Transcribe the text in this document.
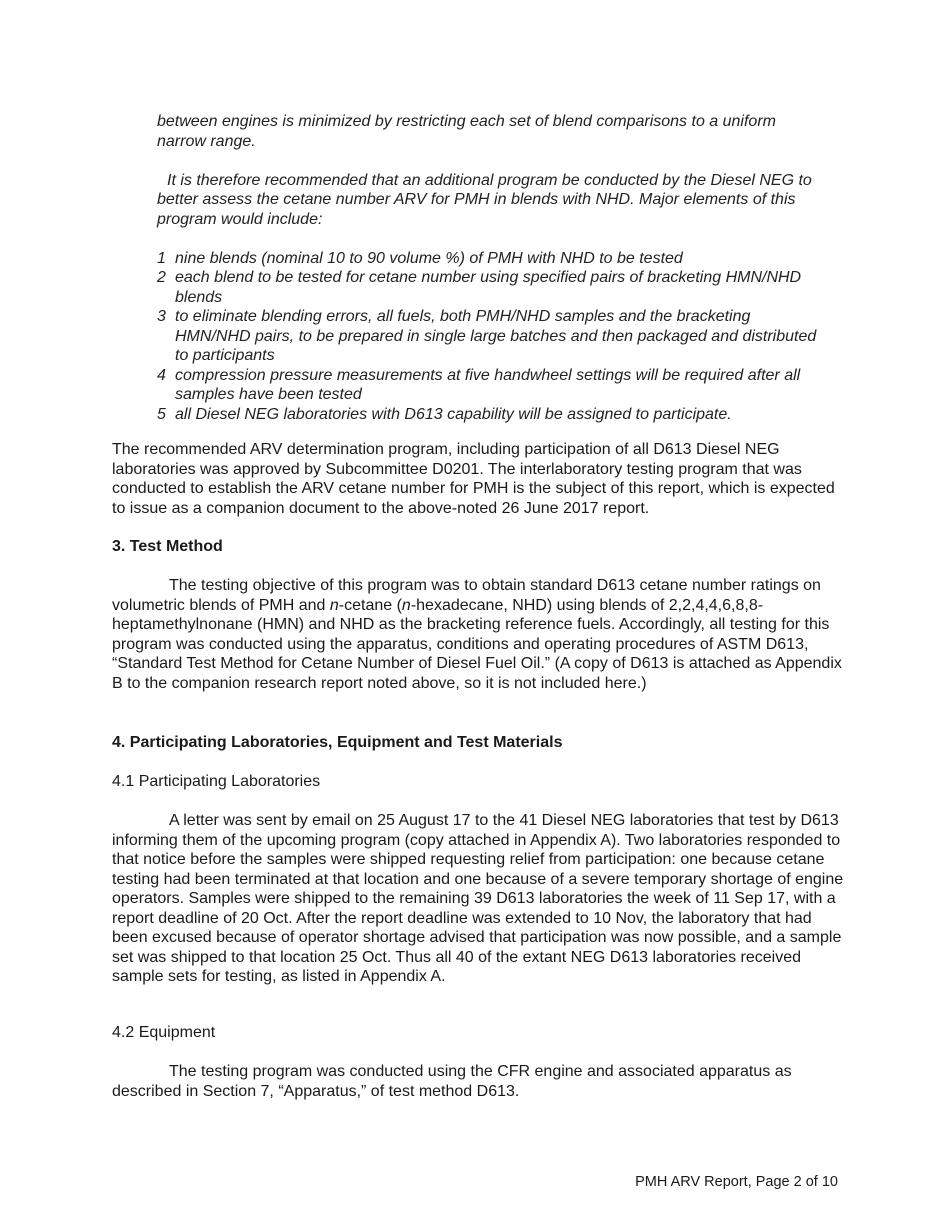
between engines is minimized by restricting each set of blend comparisons to a uniform narrow range.

It is therefore recommended that an additional program be conducted by the Diesel NEG to better assess the cetane number ARV for PMH in blends with NHD. Major elements of this program would include:

1 nine blends (nominal 10 to 90 volume %) of PMH with NHD to be tested
2 each blend to be tested for cetane number using specified pairs of bracketing HMN/NHD blends
3 to eliminate blending errors, all fuels, both PMH/NHD samples and the bracketing HMN/NHD pairs, to be prepared in single large batches and then packaged and distributed to participants
4 compression pressure measurements at five handwheel settings will be required after all samples have been tested
5 all Diesel NEG laboratories with D613 capability will be assigned to participate.

The recommended ARV determination program, including participation of all D613 Diesel NEG laboratories was approved by Subcommittee D0201. The interlaboratory testing program that was conducted to establish the ARV cetane number for PMH is the subject of this report, which is expected to issue as a companion document to the above-noted 26 June 2017 report.

3. Test Method

The testing objective of this program was to obtain standard D613 cetane number ratings on volumetric blends of PMH and n-cetane (n-hexadecane, NHD) using blends of 2,2,4,4,6,8,8-heptamethylnonane (HMN) and NHD as the bracketing reference fuels. Accordingly, all testing for this program was conducted using the apparatus, conditions and operating procedures of ASTM D613, “Standard Test Method for Cetane Number of Diesel Fuel Oil.” (A copy of D613 is attached as Appendix B to the companion research report noted above, so it is not included here.)

4. Participating Laboratories, Equipment and Test Materials

4.1 Participating Laboratories

A letter was sent by email on 25 August 17 to the 41 Diesel NEG laboratories that test by D613 informing them of the upcoming program (copy attached in Appendix A). Two laboratories responded to that notice before the samples were shipped requesting relief from participation: one because cetane testing had been terminated at that location and one because of a severe temporary shortage of engine operators. Samples were shipped to the remaining 39 D613 laboratories the week of 11 Sep 17, with a report deadline of 20 Oct. After the report deadline was extended to 10 Nov, the laboratory that had been excused because of operator shortage advised that participation was now possible, and a sample set was shipped to that location 25 Oct. Thus all 40 of the extant NEG D613 laboratories received sample sets for testing, as listed in Appendix A.

4.2 Equipment

The testing program was conducted using the CFR engine and associated apparatus as described in Section 7, “Apparatus,” of test method D613.

PMH ARV Report, Page 2 of 10
